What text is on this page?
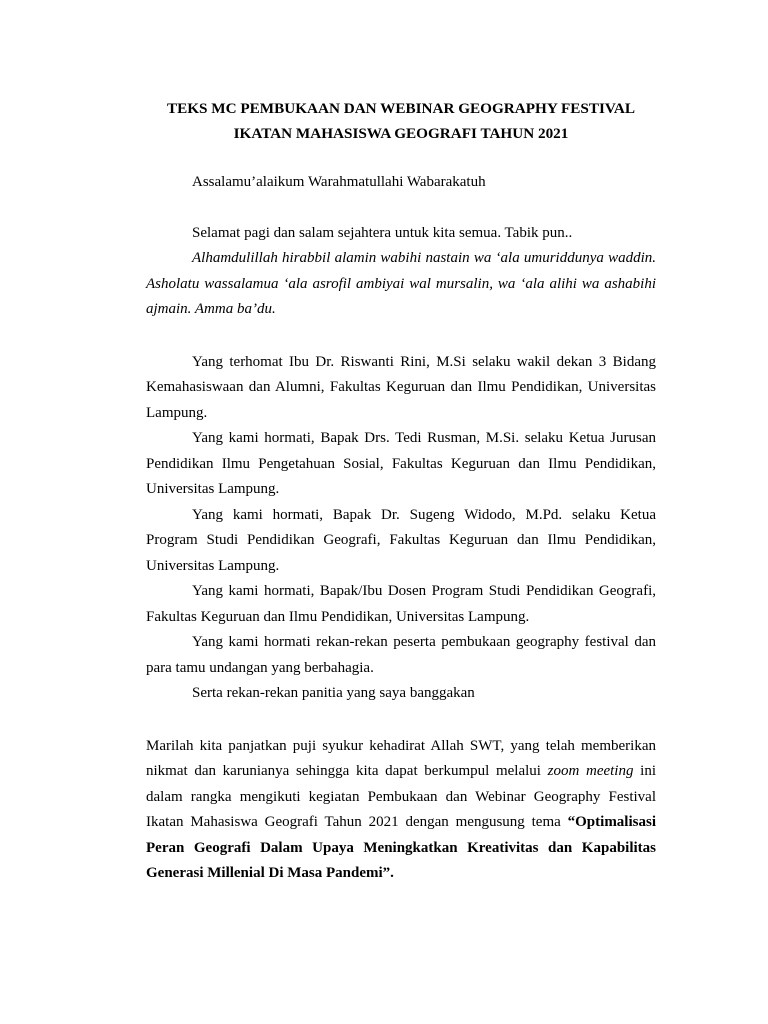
TEKS MC PEMBUKAAN DAN WEBINAR GEOGRAPHY FESTIVAL
IKATAN MAHASISWA GEOGRAFI TAHUN 2021

Assalamu’alaikum Warahmatullahi Wabarakatuh

Selamat pagi dan salam sejahtera untuk kita semua. Tabik pun..

Alhamdulillah hirabbil alamin wabihi nastain wa ‘ala umuriddunya waddin. Asholatu wassalamua ‘ala asrofil ambiyai wal mursalin, wa ‘ala alihi wa ashabihi ajmain. Amma ba’du.

Yang terhomat Ibu Dr. Riswanti Rini, M.Si selaku wakil dekan 3 Bidang Kemahasiswaan dan Alumni, Fakultas Keguruan dan Ilmu Pendidikan, Universitas Lampung.

Yang kami hormati, Bapak Drs. Tedi Rusman, M.Si. selaku Ketua Jurusan Pendidikan Ilmu Pengetahuan Sosial, Fakultas Keguruan dan Ilmu Pendidikan, Universitas Lampung.

Yang kami hormati, Bapak Dr. Sugeng Widodo, M.Pd. selaku Ketua Program Studi Pendidikan Geografi, Fakultas Keguruan dan Ilmu Pendidikan, Universitas Lampung.

Yang kami hormati, Bapak/Ibu Dosen Program Studi Pendidikan Geografi, Fakultas Keguruan dan Ilmu Pendidikan, Universitas Lampung.

Yang kami hormati rekan-rekan peserta pembukaan geography festival dan para tamu undangan yang berbahagia.

Serta rekan-rekan panitia yang saya banggakan

Marilah kita panjatkan puji syukur kehadirat Allah SWT, yang telah memberikan nikmat dan karunianya sehingga kita dapat berkumpul melalui zoom meeting ini dalam rangka mengikuti kegiatan Pembukaan dan Webinar Geography Festival Ikatan Mahasiswa Geografi Tahun 2021 dengan mengusung tema “Optimalisasi Peran Geografi Dalam Upaya Meningkatkan Kreativitas dan Kapabilitas Generasi Millenial Di Masa Pandemi”.
